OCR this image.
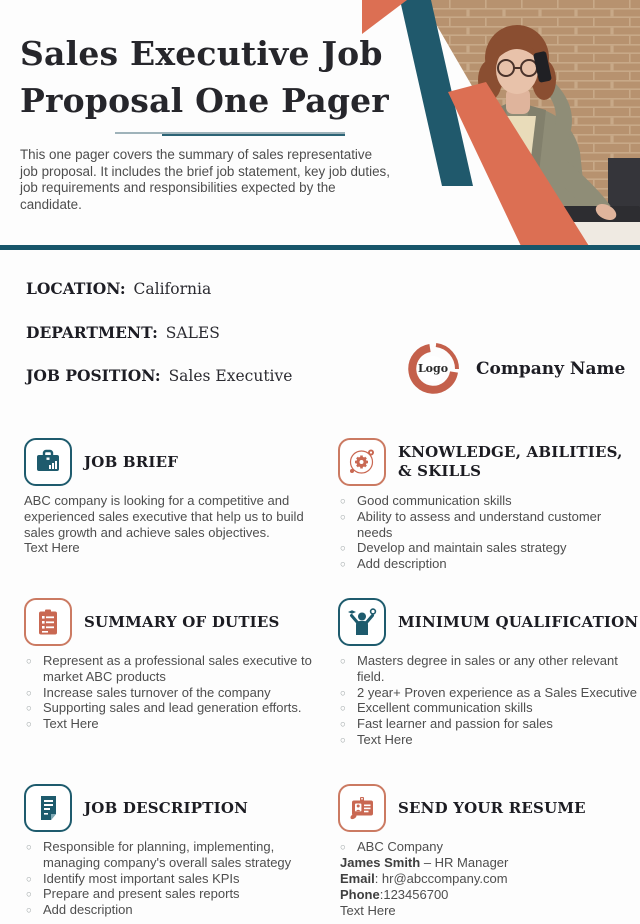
Sales Executive Job
Proposal One Pager
This one pager covers the summary of sales representative job proposal. It includes the brief job statement, key job duties, job requirements and responsibilities expected by the candidate.
LOCATION: California
DEPARTMENT: SALES
JOB POSITION: Sales Executive	Logo	Company Name
JOB BRIEF
ABC company is looking for a competitive and experienced sales executive that help us to build sales growth and achieve sales objectives.
Text Here
KNOWLEDGE, ABILITIES, & SKILLS
○ Good communication skills
○ Ability to assess and understand customer needs
○ Develop and maintain sales strategy
○ Add description
SUMMARY OF DUTIES
○ Represent as a professional sales executive to market ABC products
○ Increase sales turnover of the company
○ Supporting sales and lead generation efforts.
○ Text Here
MINIMUM QUALIFICATION
○ Masters degree in sales or any other relevant field.
○ 2 year+ Proven experience as a Sales Executive
○ Excellent communication skills
○ Fast learner and passion for sales
○ Text Here
JOB DESCRIPTION
○ Responsible for planning, implementing, managing company's overall sales strategy
○ Identify most important sales KPIs
○ Prepare and present sales reports
○ Add description
SEND YOUR RESUME
○ ABC Company
James Smith – HR Manager
Email: hr@abccompany.com
Phone:123456700
Text Here
